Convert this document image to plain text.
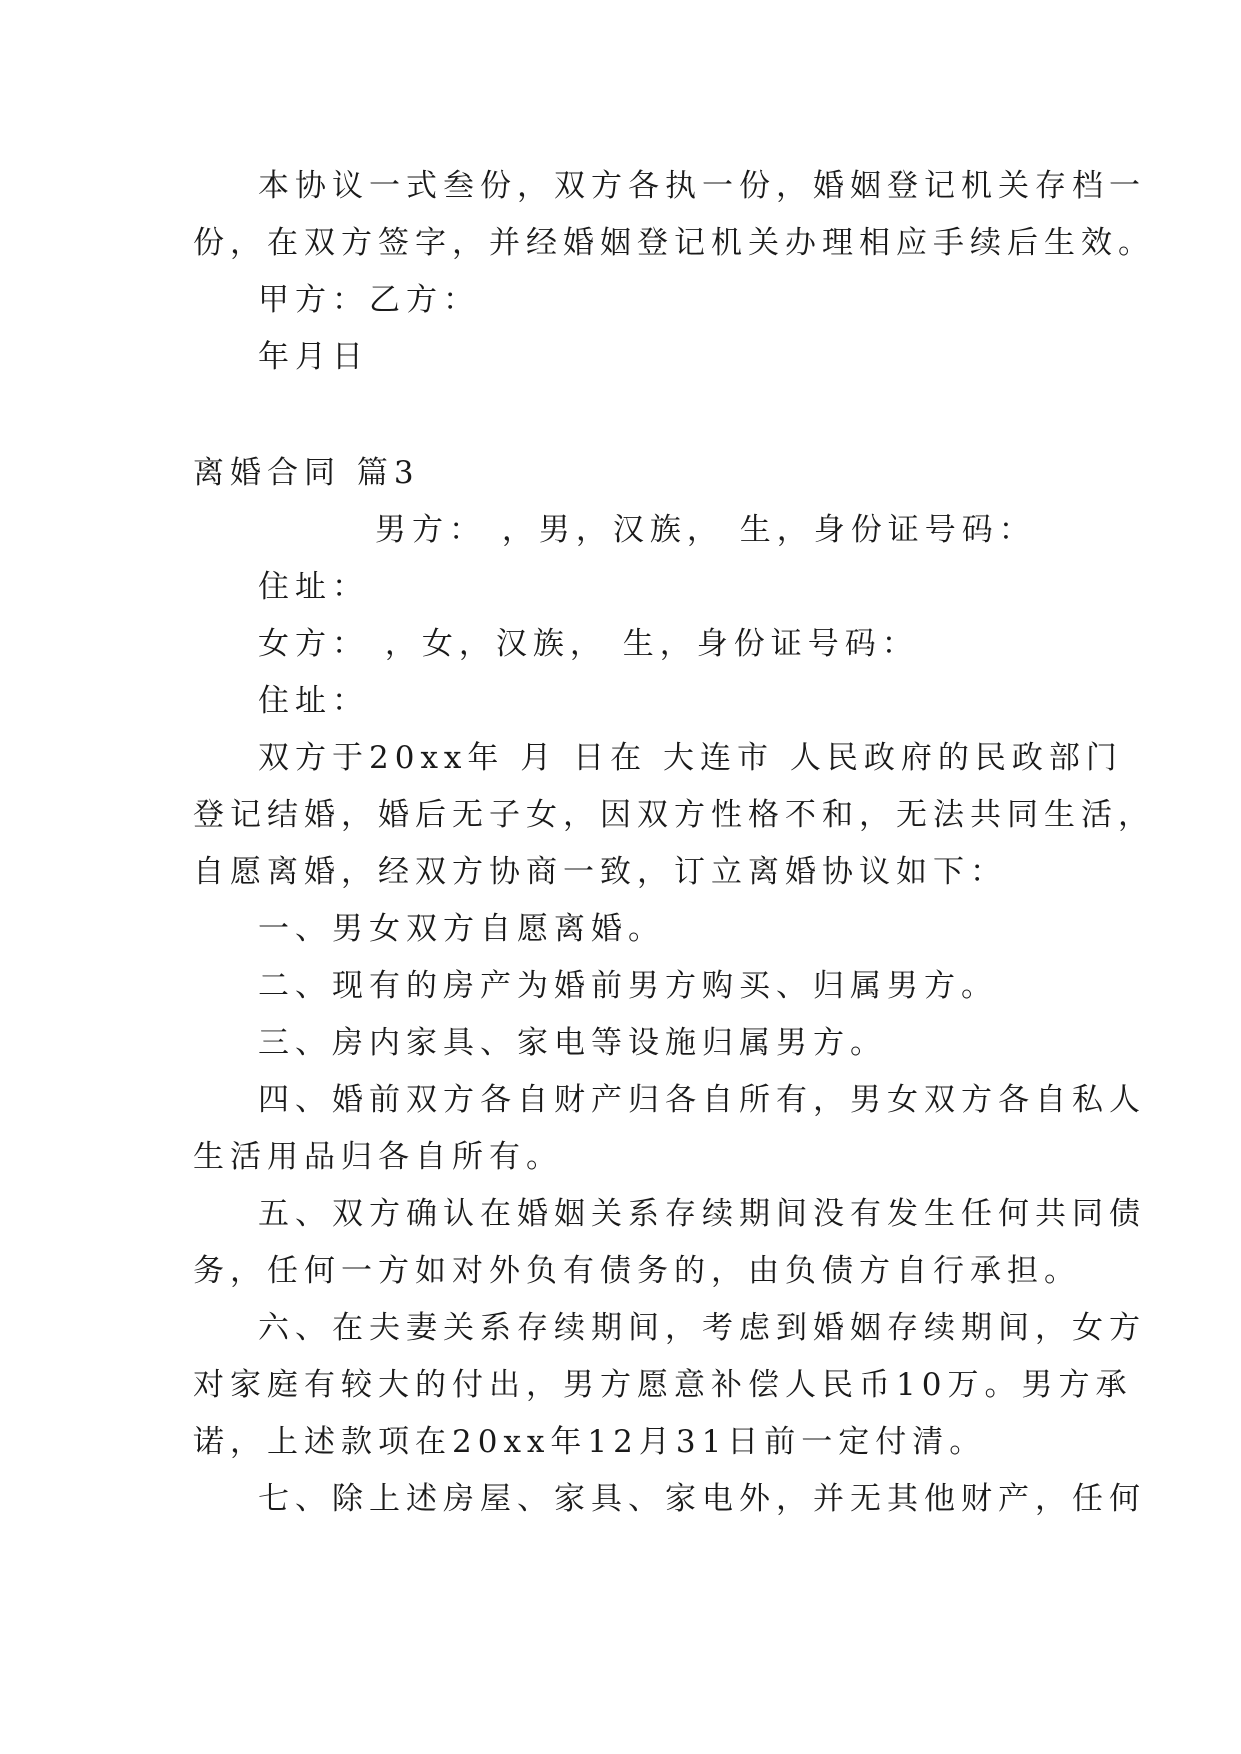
本协议一式叁份，双方各执一份，婚姻登记机关存档一
份，在双方签字，并经婚姻登记机关办理相应手续后生效。
甲方：乙方：
年月日
离婚合同 篇3
男方： ，男，汉族， 生，身份证号码：
住址：
女方： ，女，汉族， 生，身份证号码：
住址：
双方于20xx年 月 日在 大连市 人民政府的民政部门
登记结婚，婚后无子女，因双方性格不和，无法共同生活，
自愿离婚，经双方协商一致，订立离婚协议如下：
一、男女双方自愿离婚。
二、现有的房产为婚前男方购买、归属男方。
三、房内家具、家电等设施归属男方。
四、婚前双方各自财产归各自所有，男女双方各自私人
生活用品归各自所有。
五、双方确认在婚姻关系存续期间没有发生任何共同债
务，任何一方如对外负有债务的，由负债方自行承担。
六、在夫妻关系存续期间，考虑到婚姻存续期间，女方
对家庭有较大的付出，男方愿意补偿人民币10万。男方承
诺，上述款项在20xx年12月31日前一定付清。
七、除上述房屋、家具、家电外，并无其他财产，任何
